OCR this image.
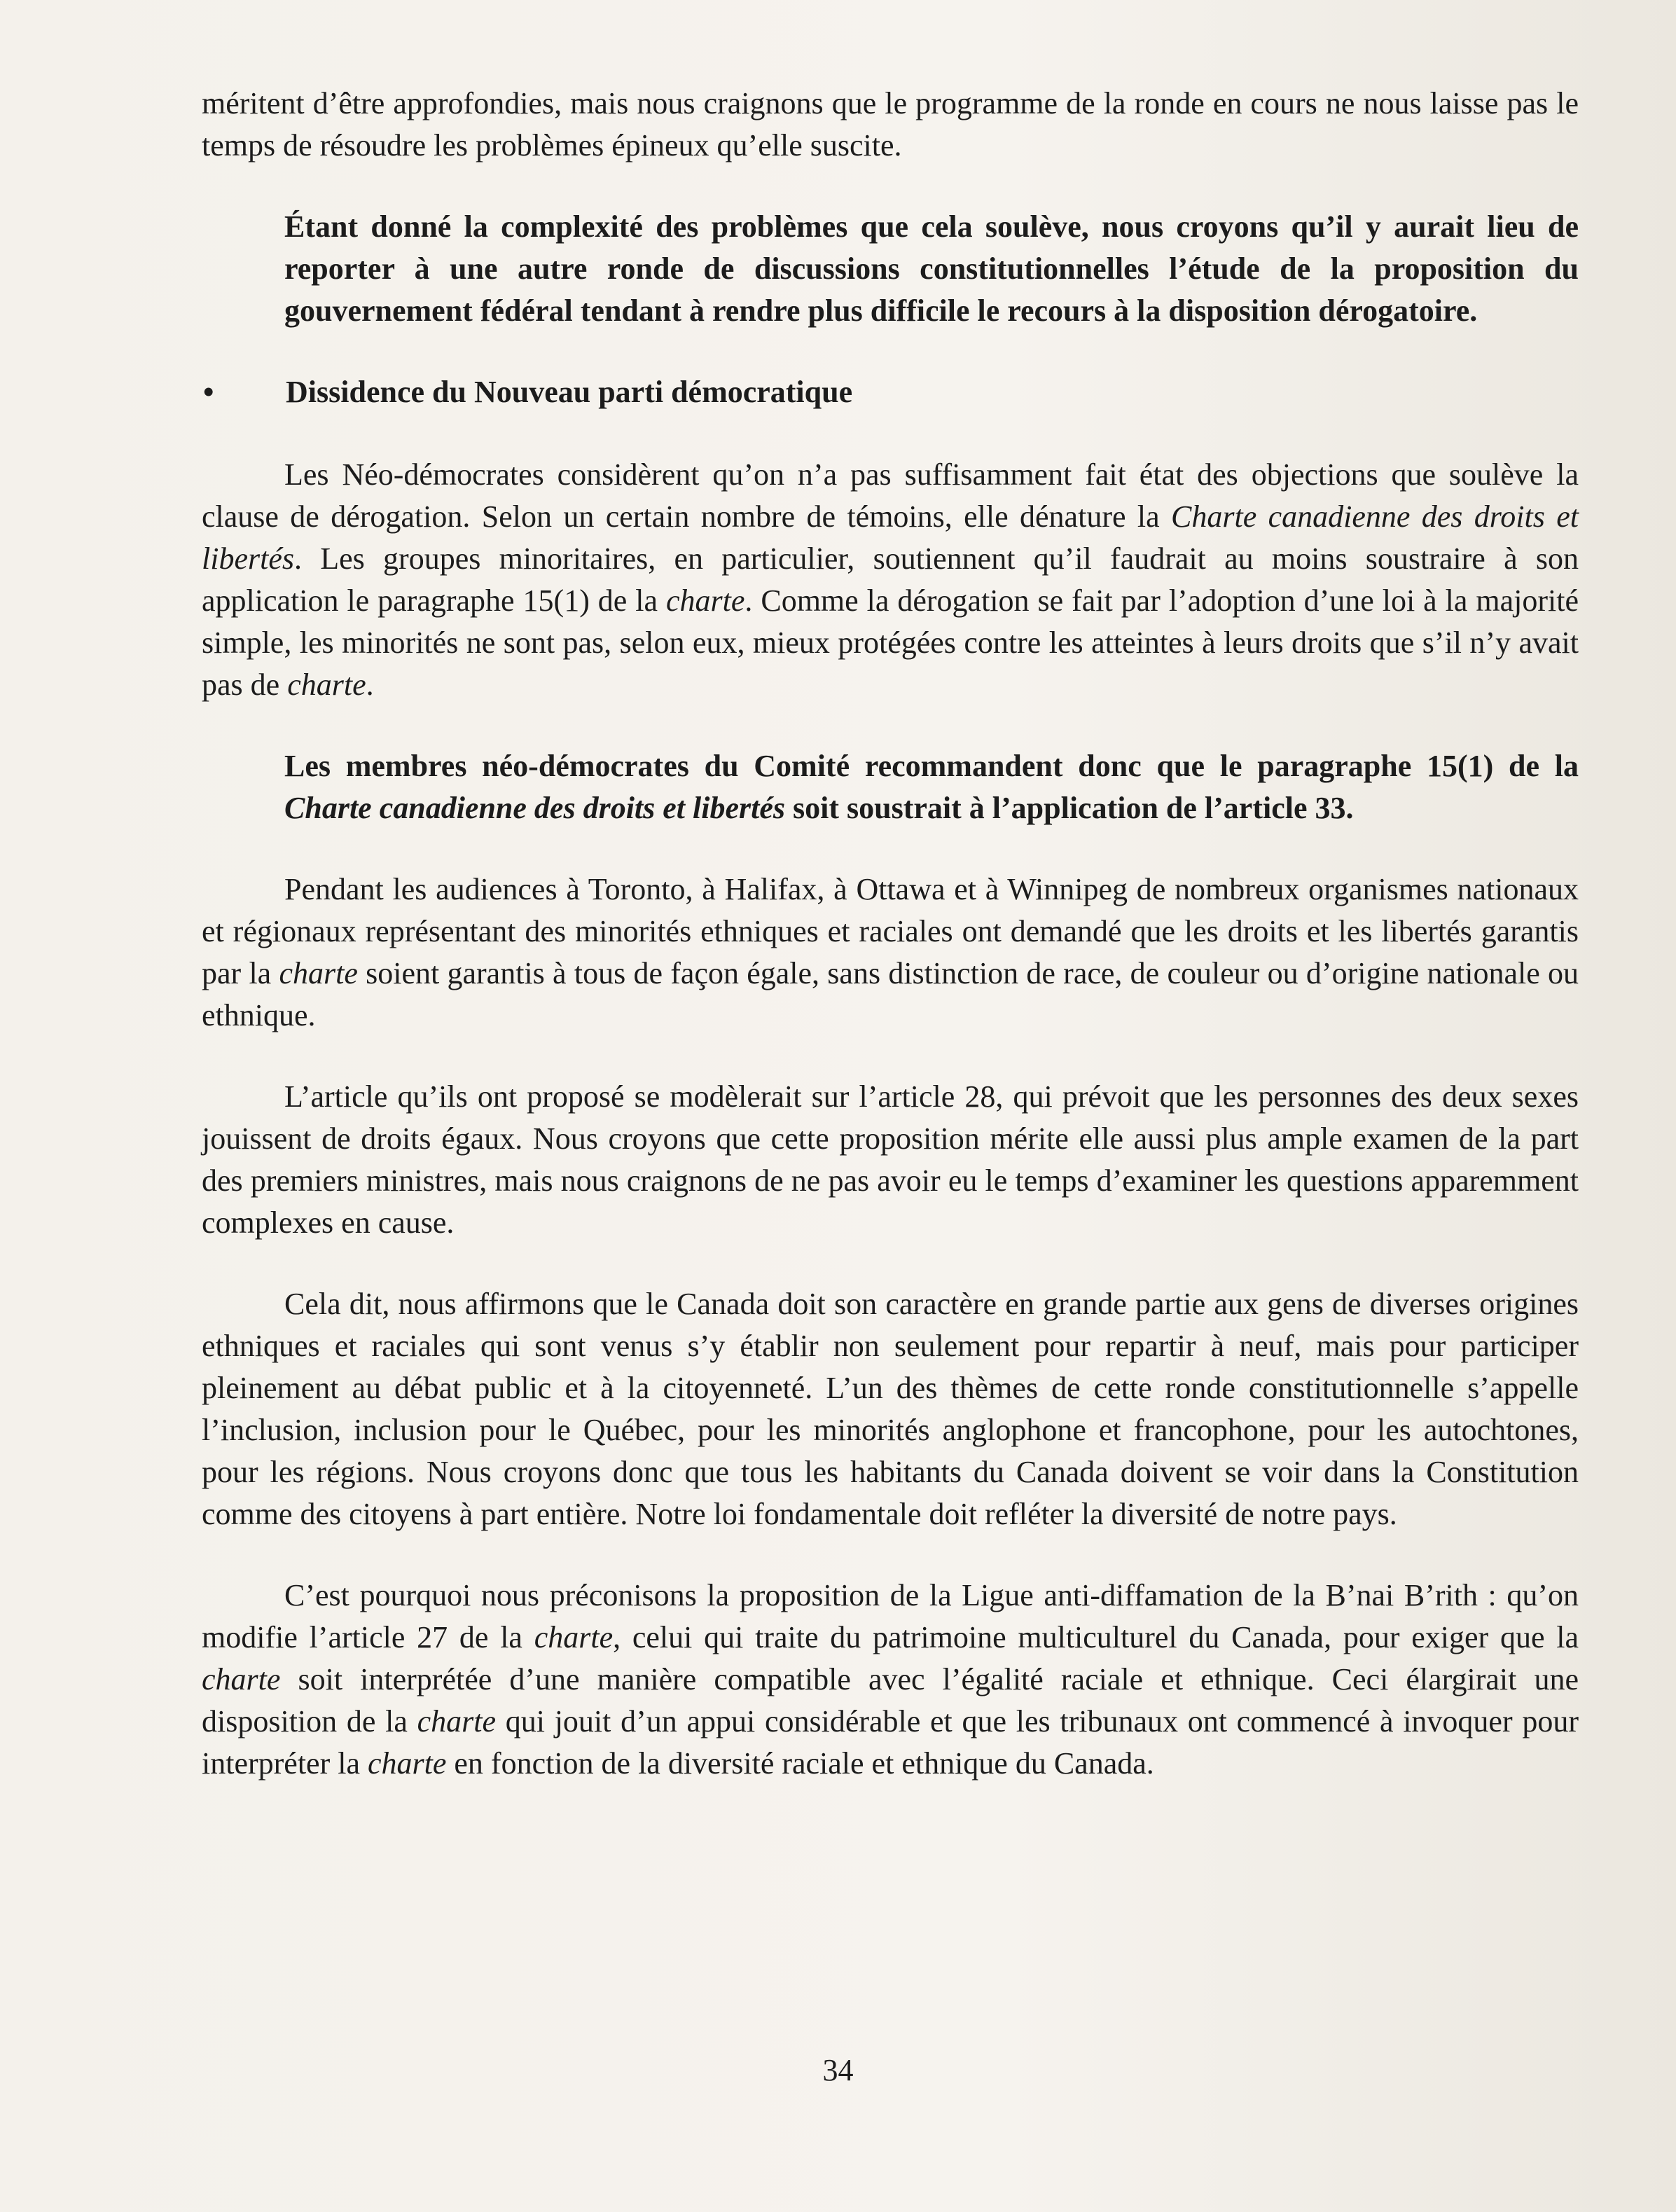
méritent d’être approfondies, mais nous craignons que le programme de la ronde en cours ne nous laisse pas le temps de résoudre les problèmes épineux qu’elle suscite.

Étant donné la complexité des problèmes que cela soulève, nous croyons qu’il y aurait lieu de reporter à une autre ronde de discussions constitutionnelles l’étude de la proposition du gouvernement fédéral tendant à rendre plus difficile le recours à la disposition dérogatoire.

•	Dissidence du Nouveau parti démocratique

Les Néo-démocrates considèrent qu’on n’a pas suffisamment fait état des objections que soulève la clause de dérogation. Selon un certain nombre de témoins, elle dénature la Charte canadienne des droits et libertés. Les groupes minoritaires, en particulier, soutiennent qu’il faudrait au moins soustraire à son application le paragraphe 15(1) de la charte. Comme la dérogation se fait par l’adoption d’une loi à la majorité simple, les minorités ne sont pas, selon eux, mieux protégées contre les atteintes à leurs droits que s’il n’y avait pas de charte.

Les membres néo-démocrates du Comité recommandent donc que le paragraphe 15(1) de la Charte canadienne des droits et libertés soit soustrait à l’application de l’article 33.

Pendant les audiences à Toronto, à Halifax, à Ottawa et à Winnipeg de nombreux organismes nationaux et régionaux représentant des minorités ethniques et raciales ont demandé que les droits et les libertés garantis par la charte soient garantis à tous de façon égale, sans distinction de race, de couleur ou d’origine nationale ou ethnique.

L’article qu’ils ont proposé se modèlerait sur l’article 28, qui prévoit que les personnes des deux sexes jouissent de droits égaux. Nous croyons que cette proposition mérite elle aussi plus ample examen de la part des premiers ministres, mais nous craignons de ne pas avoir eu le temps d’examiner les questions apparemment complexes en cause.

Cela dit, nous affirmons que le Canada doit son caractère en grande partie aux gens de diverses origines ethniques et raciales qui sont venus s’y établir non seulement pour repartir à neuf, mais pour participer pleinement au débat public et à la citoyenneté. L’un des thèmes de cette ronde constitutionnelle s’appelle l’inclusion, inclusion pour le Québec, pour les minorités anglophone et francophone, pour les autochtones, pour les régions. Nous croyons donc que tous les habitants du Canada doivent se voir dans la Constitution comme des citoyens à part entière. Notre loi fondamentale doit refléter la diversité de notre pays.

C’est pourquoi nous préconisons la proposition de la Ligue anti-diffamation de la B’nai B’rith : qu’on modifie l’article 27 de la charte, celui qui traite du patrimoine multiculturel du Canada, pour exiger que la charte soit interprétée d’une manière compatible avec l’égalité raciale et ethnique. Ceci élargirait une disposition de la charte qui jouit d’un appui considérable et que les tribunaux ont commencé à invoquer pour interpréter la charte en fonction de la diversité raciale et ethnique du Canada.

34
